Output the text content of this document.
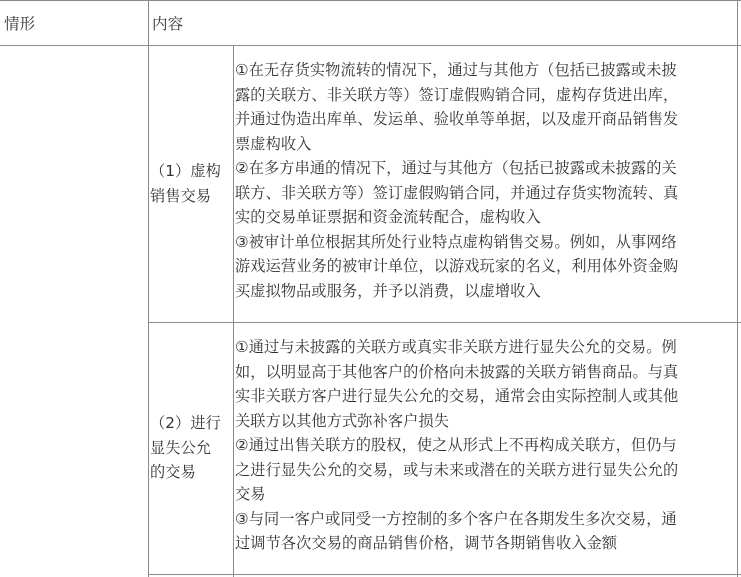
情形	内容
（1）虚构
销售交易
①在无存货实物流转的情况下，通过与其他方（包括已披露或未披
露的关联方、非关联方等）签订虚假购销合同，虚构存货进出库，
并通过伪造出库单、发运单、验收单等单据，以及虚开商品销售发
票虚构收入
②在多方串通的情况下，通过与其他方（包括已披露或未披露的关
联方、非关联方等）签订虚假购销合同，并通过存货实物流转、真
实的交易单证票据和资金流转配合，虚构收入
③被审计单位根据其所处行业特点虚构销售交易。例如，从事网络
游戏运营业务的被审计单位，以游戏玩家的名义，利用体外资金购
买虚拟物品或服务，并予以消费，以虚增收入
（2）进行
显失公允
的交易
①通过与未披露的关联方或真实非关联方进行显失公允的交易。例
如，以明显高于其他客户的价格向未披露的关联方销售商品。与真
实非关联方客户进行显失公允的交易，通常会由实际控制人或其他
关联方以其他方式弥补客户损失
②通过出售关联方的股权，使之从形式上不再构成关联方，但仍与
之进行显失公允的交易，或与未来或潜在的关联方进行显失公允的
交易
③与同一客户或同受一方控制的多个客户在各期发生多次交易，通
过调节各次交易的商品销售价格，调节各期销售收入金额
